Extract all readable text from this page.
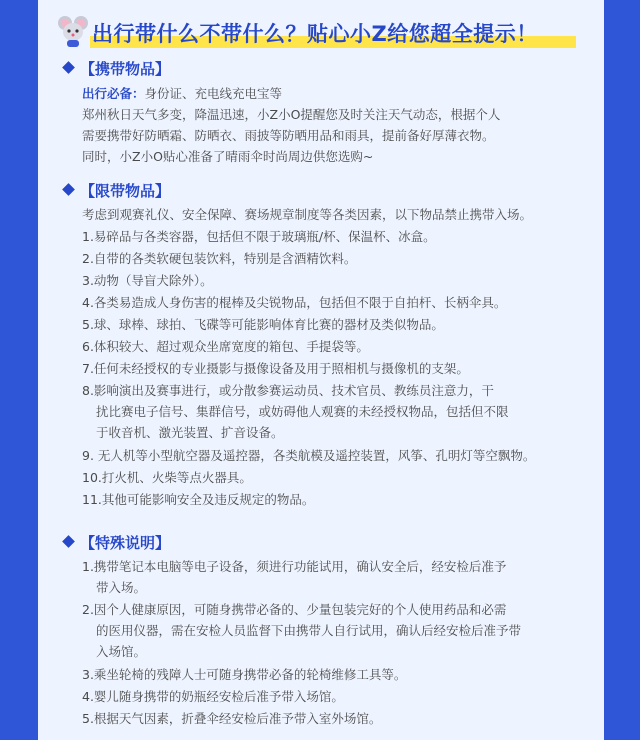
出行带什么不带什么？贴心小Z给您超全提示！
【携带物品】
出行必备：身份证、充电线充电宝等
郑州秋日天气多变，降温迅速，小Z小O提醒您及时关注天气动态，根据个人
需要携带好防晒霜、防晒衣、雨披等防晒用品和雨具，提前备好厚薄衣物。
同时，小Z小O贴心准备了晴雨伞时尚周边供您选购~
【限带物品】
考虑到观赛礼仪、安全保障、赛场规章制度等各类因素，以下物品禁止携带入场。
1.易碎品与各类容器，包括但不限于玻璃瓶/杯、保温杯、冰盒。
2.自带的各类软硬包装饮料，特别是含酒精饮料。
3.动物（导盲犬除外）。
4.各类易造成人身伤害的棍棒及尖锐物品，包括但不限于自拍杆、长柄伞具。
5.球、球棒、球拍、飞碟等可能影响体育比赛的器材及类似物品。
6.体积较大、超过观众坐席宽度的箱包、手提袋等。
7.任何未经授权的专业摄影与摄像设备及用于照相机与摄像机的支架。
8.影响演出及赛事进行，或分散参赛运动员、技术官员、教练员注意力，干
扰比赛电子信号、集群信号，或妨碍他人观赛的未经授权物品，包括但不限
于收音机、激光装置、扩音设备。
9. 无人机等小型航空器及遥控器，各类航模及遥控装置，风筝、孔明灯等空飘物。
10.打火机、火柴等点火器具。
11.其他可能影响安全及违反规定的物品。
【特殊说明】
1.携带笔记本电脑等电子设备，须进行功能试用，确认安全后，经安检后准予
带入场。
2.因个人健康原因，可随身携带必备的、少量包装完好的个人使用药品和必需
的医用仪器，需在安检人员监督下由携带人自行试用，确认后经安检后准予带
入场馆。
3.乘坐轮椅的残障人士可随身携带必备的轮椅维修工具等。
4.婴儿随身携带的奶瓶经安检后准予带入场馆。
5.根据天气因素，折叠伞经安检后准予带入室外场馆。
